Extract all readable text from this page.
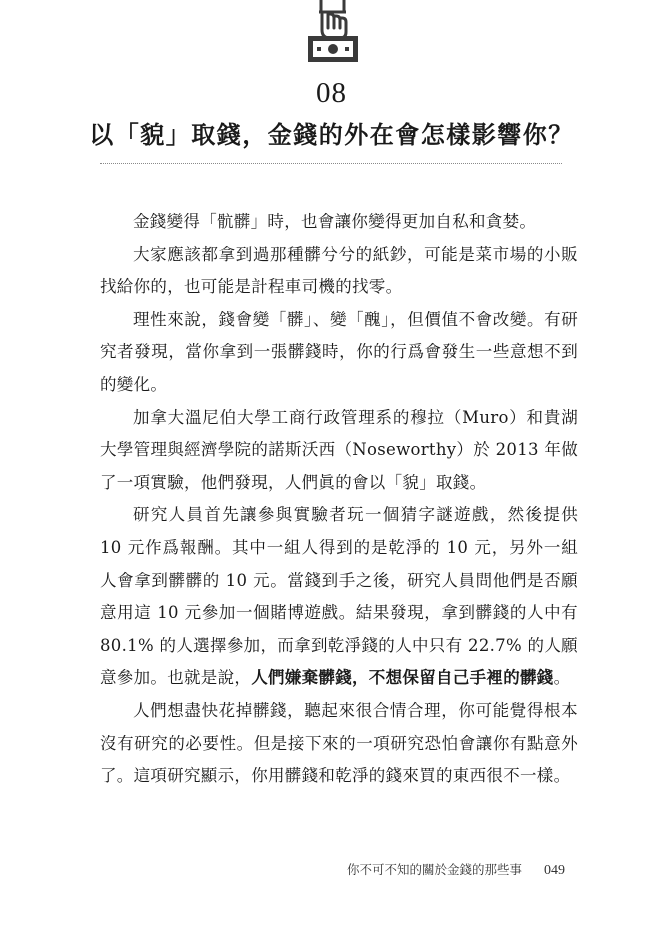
08
以「貌」取錢，金錢的外在會怎樣影響你？

金錢變得「骯髒」時，也會讓你變得更加自私和貪婪。

大家應該都拿到過那種髒兮兮的紙鈔，可能是菜市場的小販找給你的，也可能是計程車司機的找零。

理性來說，錢會變「髒」、變「醜」，但價值不會改變。有研究者發現，當你拿到一張髒錢時，你的行爲會發生一些意想不到的變化。

加拿大溫尼伯大學工商行政管理系的穆拉（Muro）和貴湖大學管理與經濟學院的諾斯沃西（Noseworthy）於 2013 年做了一項實驗，他們發現，人們眞的會以「貌」取錢。

研究人員首先讓參與實驗者玩一個猜字謎遊戲，然後提供 10 元作爲報酬。其中一組人得到的是乾淨的 10 元，另外一組人會拿到髒髒的 10 元。當錢到手之後，研究人員問他們是否願意用這 10 元參加一個賭博遊戲。結果發現，拿到髒錢的人中有 80.1% 的人選擇參加，而拿到乾淨錢的人中只有 22.7% 的人願意參加。也就是說，人們嫌棄髒錢，不想保留自己手裡的髒錢。

人們想盡快花掉髒錢，聽起來很合情合理，你可能覺得根本沒有研究的必要性。但是接下來的一項研究恐怕會讓你有點意外了。這項研究顯示，你用髒錢和乾淨的錢來買的東西很不一樣。

你不可不知的關於金錢的那些事 049
